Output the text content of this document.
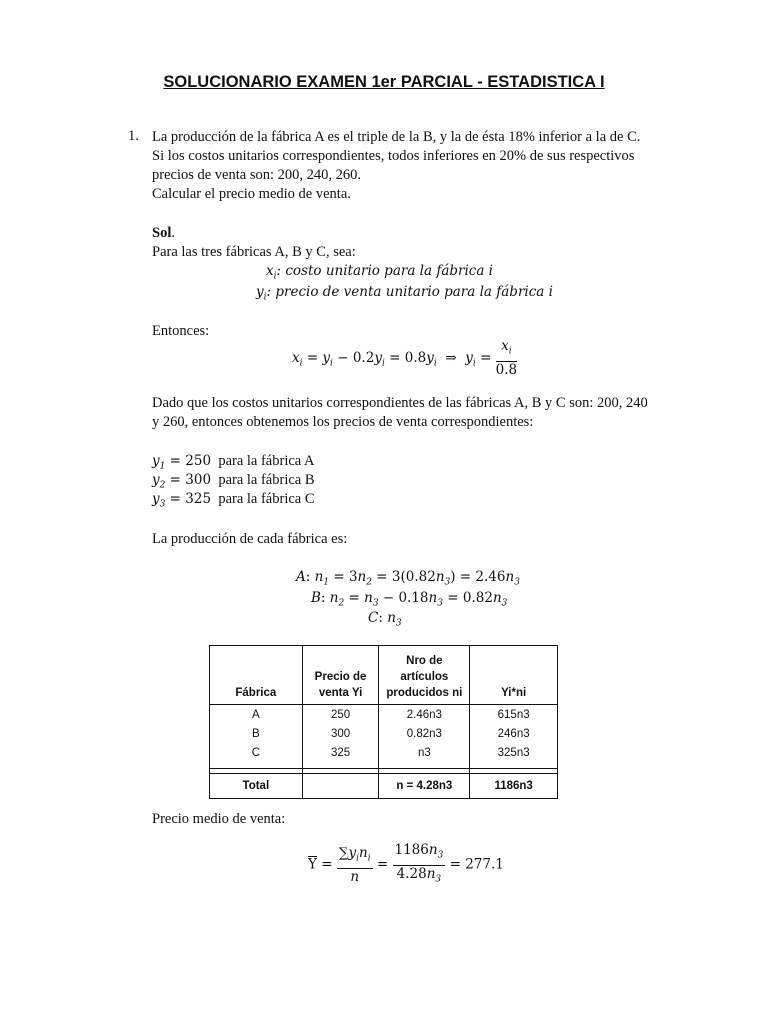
SOLUCIONARIO EXAMEN 1er PARCIAL - ESTADISTICA I
1. La producción de la fábrica A es el triple de la B, y la de ésta 18% inferior a la de C.
Si los costos unitarios correspondientes, todos inferiores en 20% de sus respectivos
precios de venta son: 200, 240, 260.
Calcular el precio medio de venta.
Sol.
Para las tres fábricas A, B y C, sea:
$x_i$: costo unitario para la fábrica i
$y_i$: precio de venta unitario para la fábrica i
Entonces:
$x_i = y_i - 0.2y_i = 0.8y_i$  ⇒  $y_i = \frac{x_i}{0.8}$
Dado que los costos unitarios correspondientes de las fábricas A, B y C son: 200, 240
y 260, entonces obtenemos los precios de venta correspondientes:
$y_1 = 250$ para la fábrica A
$y_2 = 300$ para la fábrica B
$y_3 = 325$ para la fábrica C
La producción de cada fábrica es:
A: $n_1 = 3n_2 = 3(0.82n_3) = 2.46n_3$
B: $n_2 = n_3 - 0.18n_3 = 0.82n_3$
C: $n_3$
Fábrica	Precio de venta Yi	Nro de artículos producidos ni	Yi*ni
A	250	2.46n3	615n3
B	300	0.82n3	246n3
C	325	n3	325n3

Total		n = 4.28n3	1186n3
Precio medio de venta:
$\overline{Y} = \frac{\sum y_in_i}{n} = \frac{1186n_3}{4.28n_3} = 277.1$
